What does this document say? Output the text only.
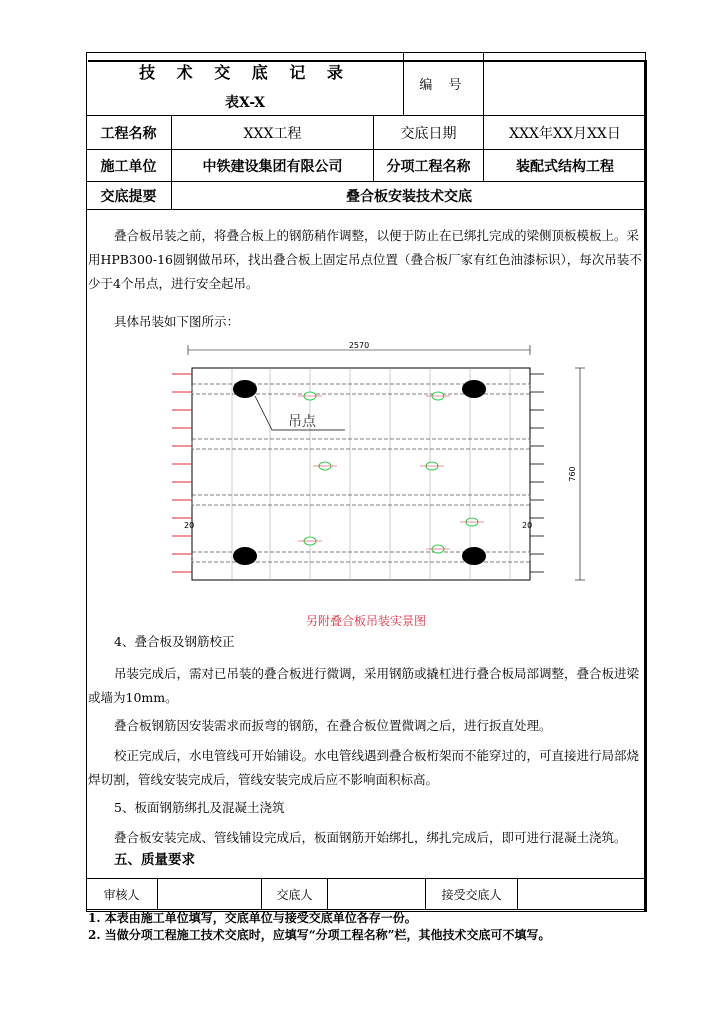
技 术 交 底 记 录
表X-X
编 号
工程名称	XXX工程	交底日期	XXX年XX月XX日
施工单位	中铁建设集团有限公司	分项工程名称	装配式结构工程
交底提要	叠合板安装技术交底
叠合板吊装之前，将叠合板上的钢筋稍作调整，以便于防止在已绑扎完成的梁侧顶板模板上。采用HPB300-16圆钢做吊环，找出叠合板上固定吊点位置（叠合板厂家有红色油漆标识），每次吊装不少于4个吊点，进行安全起吊。
具体吊装如下图所示：
2570
760
吊点
20	20
另附叠合板吊装实景图
4、叠合板及钢筋校正
吊装完成后，需对已吊装的叠合板进行微调，采用钢筋或撬杠进行叠合板局部调整，叠合板进梁或墙为10mm。
叠合板钢筋因安装需求而扳弯的钢筋，在叠合板位置微调之后，进行扳直处理。
校正完成后，水电管线可开始铺设。水电管线遇到叠合板桁架而不能穿过的，可直接进行局部烧焊切割，管线安装完成后，管线安装完成后应不影响面积标高。
5、板面钢筋绑扎及混凝土浇筑
叠合板安装完成、管线铺设完成后，板面钢筋开始绑扎，绑扎完成后，即可进行混凝土浇筑。
五、质量要求
审核人	交底人	接受交底人
1. 本表由施工单位填写，交底单位与接受交底单位各存一份。
2. 当做分项工程施工技术交底时，应填写“分项工程名称”栏，其他技术交底可不填写。
